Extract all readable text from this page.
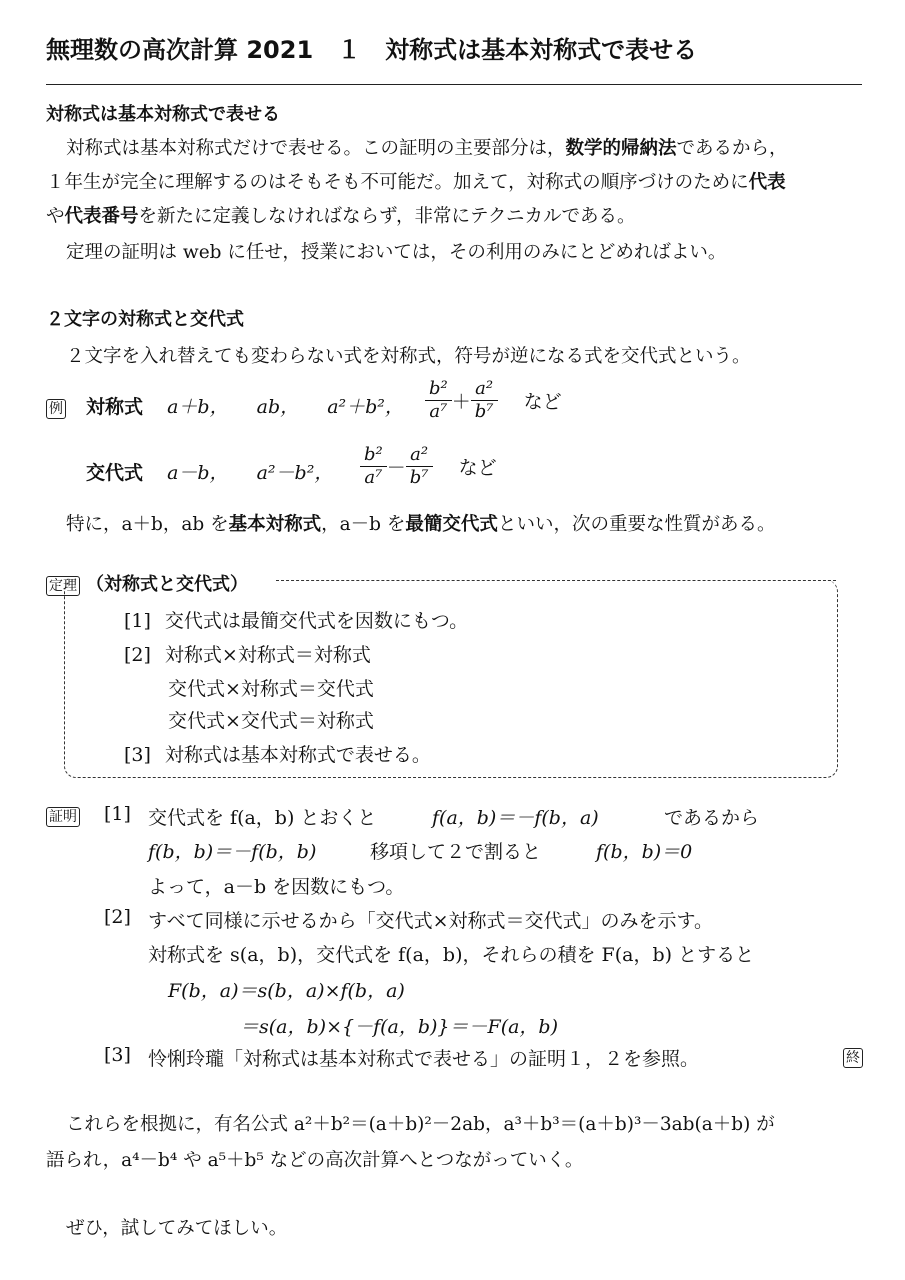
無理数の高次計算 2021　１　対称式は基本対称式で表せる
対称式は基本対称式で表せる
対称式は基本対称式だけで表せる。この証明の主要部分は，数学的帰納法であるから，
１年生が完全に理解するのはそもそも不可能だ。加えて，対称式の順序づけのために代表
や代表番号を新たに定義しなければならず，非常にテクニカルである。
定理の証明は web に任せ，授業においては，その利用のみにとどめればよい。
２文字の対称式と交代式
２文字を入れ替えても変わらない式を対称式，符号が逆になる式を交代式という。
例 対称式 a＋b， ab， a²＋b²， $\frac{\text{b²}}{\text{a⁷}} + \frac{\text{a²}}{\text{b⁷}}$ など
交代式 a－b， a²－b²， $\frac{\text{b²}}{\text{a⁷}} - \frac{\text{a²}}{\text{b⁷}}$ など
特に，a＋b，ab を基本対称式，a－b を最簡交代式といい，次の重要な性質がある。
定理 （対称式と交代式）
[1] 交代式は最簡交代式を因数にもつ。
[2] 対称式×対称式＝対称式
交代式×対称式＝交代式
交代式×交代式＝対称式
[3] 対称式は基本対称式で表せる。
証明 [1] 交代式を f(a，b) とおくと	f(a，b)＝－f(b，a)	であるから
f(b，b)＝－f(b，b)	移項して２で割ると	f(b，b)＝0
よって，a－b を因数にもつ。
[2] すべて同様に示せるから「交代式×対称式＝交代式」のみを示す。
対称式を s(a，b)，交代式を f(a，b)，それらの積を F(a，b) とすると
F(b，a)＝s(b，a)×f(b，a)
＝s(a，b)×{－f(a，b)}＝－F(a，b)
[3] 怜悧玲瓏「対称式は基本対称式で表せる」の証明１，２を参照。	終
これらを根拠に，有名公式 a²＋b²＝(a＋b)²－2ab，a³＋b³＝(a＋b)³－3ab(a＋b) が
語られ，a⁴－b⁴ や a⁵＋b⁵ などの高次計算へとつながっていく。
ぜひ，試してみてほしい。
